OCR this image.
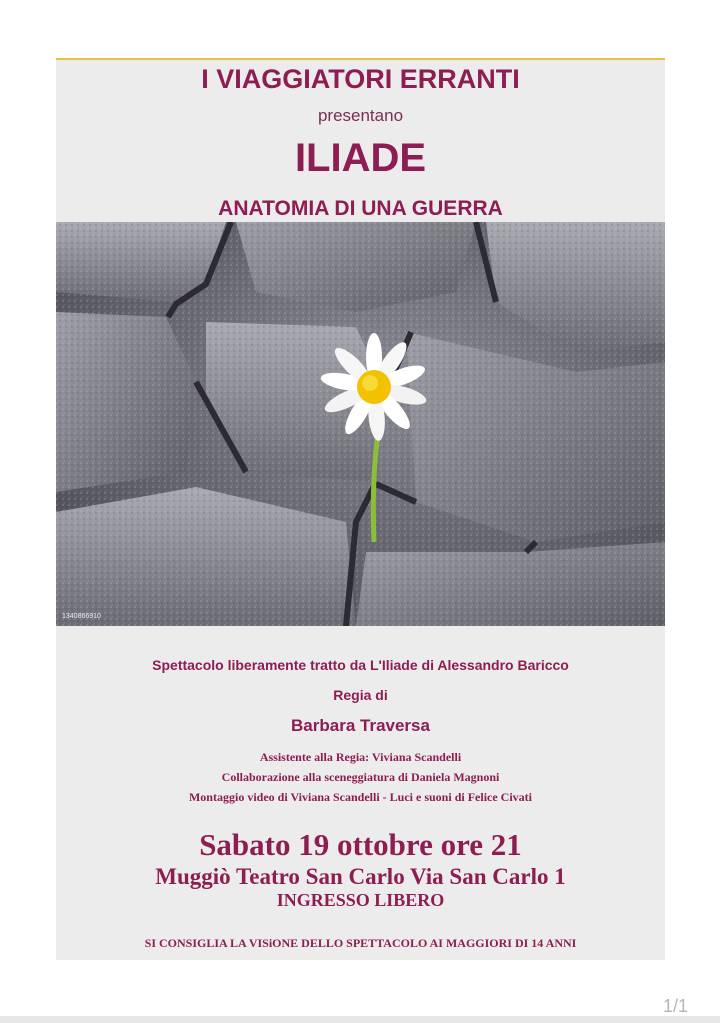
I VIAGGIATORI ERRANTI
presentano
ILIADE
ANATOMIA DI UNA GUERRA
1340866910
Spettacolo liberamente tratto da L'Iliade di Alessandro Baricco
Regia di
Barbara Traversa
Assistente alla Regia: Viviana Scandelli
Collaborazione alla sceneggiatura di Daniela Magnoni
Montaggio video di Viviana Scandelli - Luci e suoni di Felice Civati
Sabato 19 ottobre ore 21
Muggiò Teatro San Carlo Via San Carlo 1
INGRESSO LIBERO
SI CONSIGLIA LA VISiONE DELLO SPETTACOLO AI MAGGIORI DI 14 ANNI
1/1
